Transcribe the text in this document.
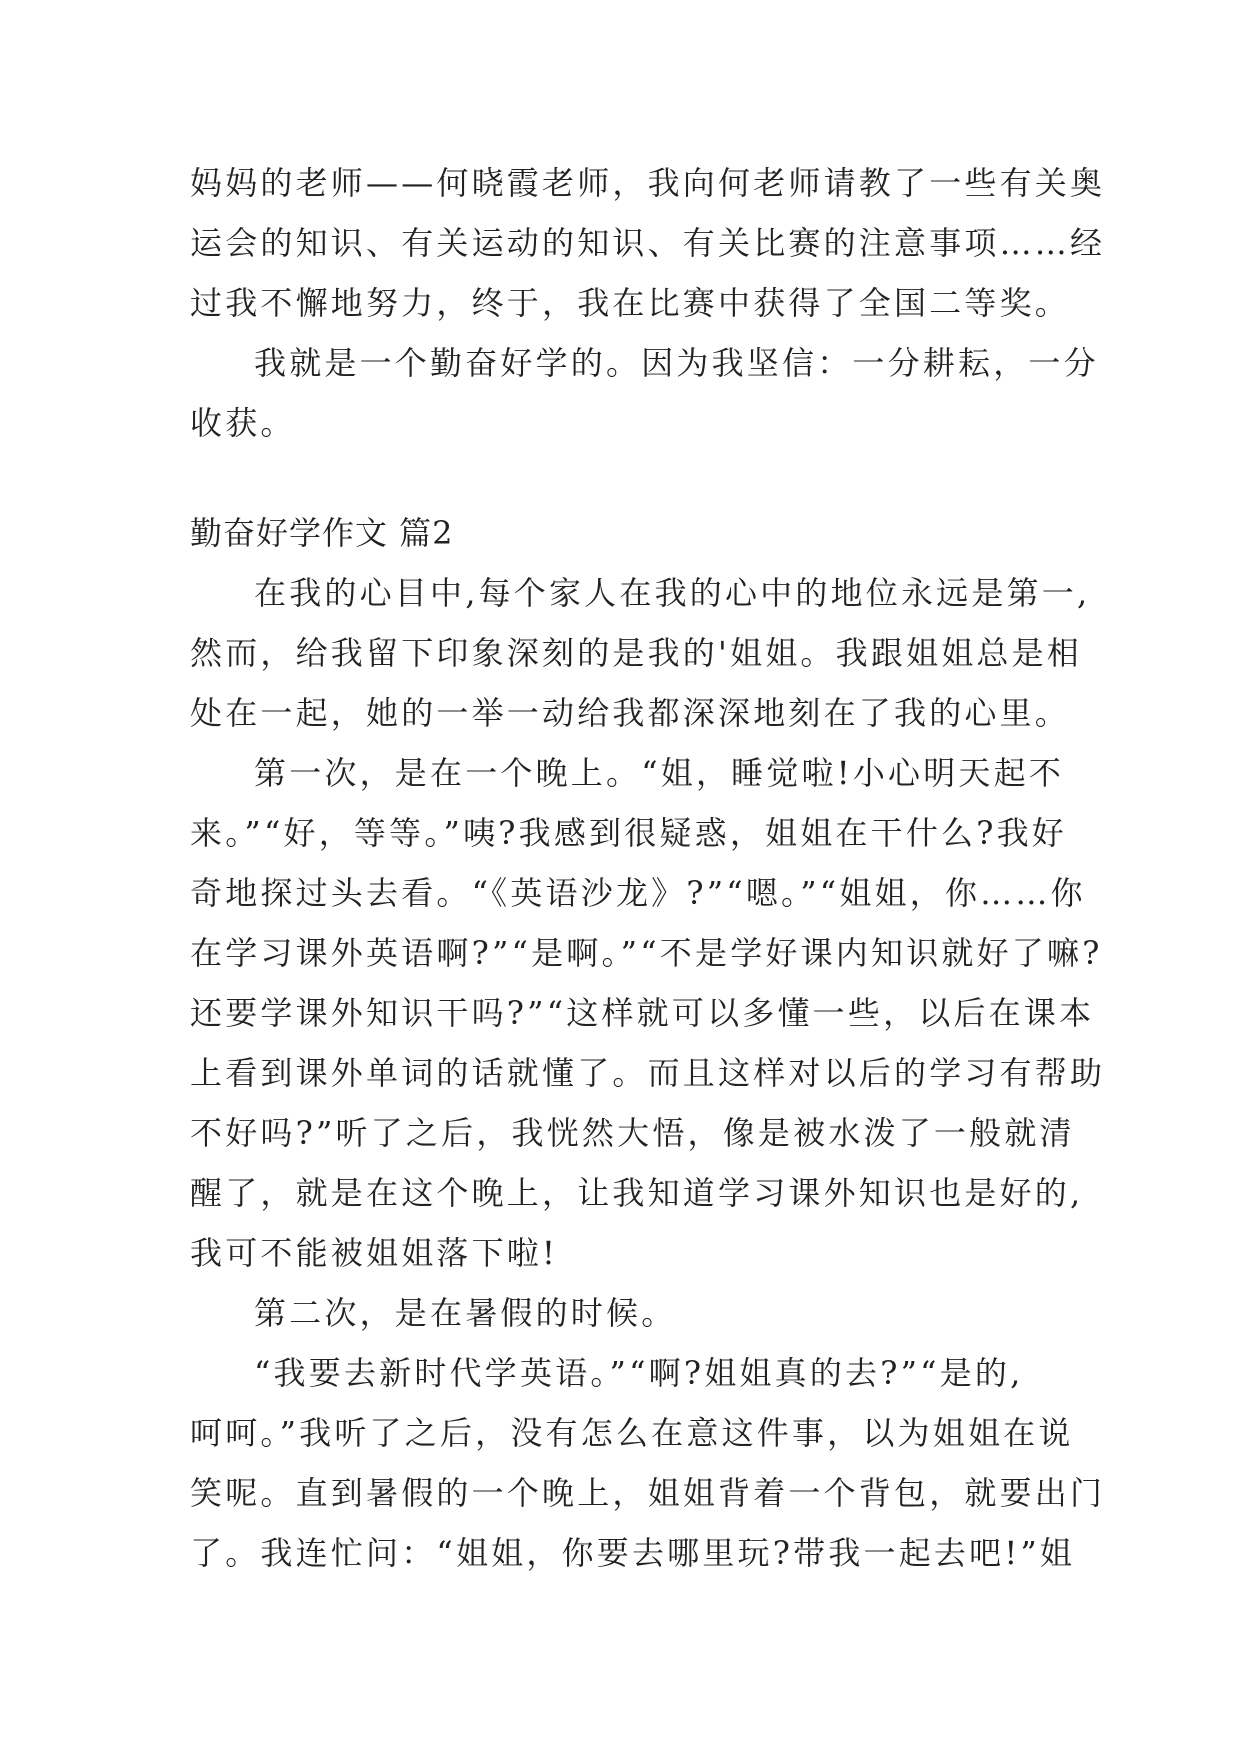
妈妈的老师——何晓霞老师，我向何老师请教了一些有关奥
运会的知识、有关运动的知识、有关比赛的注意事项……经
过我不懈地努力，终于，我在比赛中获得了全国二等奖。
我就是一个勤奋好学的。因为我坚信：一分耕耘，一分
收获。
勤奋好学作文 篇2
在我的心目中,每个家人在我的心中的地位永远是第一,
然而，给我留下印象深刻的是我的'姐姐。我跟姐姐总是相
处在一起，她的一举一动给我都深深地刻在了我的心里。
第一次，是在一个晚上。“姐，睡觉啦!小心明天起不
来。”“好，等等。”咦?我感到很疑惑，姐姐在干什么?我好
奇地探过头去看。“《英语沙龙》?”“嗯。”“姐姐，你……你
在学习课外英语啊?”“是啊。”“不是学好课内知识就好了嘛?
还要学课外知识干吗?”“这样就可以多懂一些，以后在课本
上看到课外单词的话就懂了。而且这样对以后的学习有帮助
不好吗?”听了之后，我恍然大悟，像是被水泼了一般就清
醒了，就是在这个晚上，让我知道学习课外知识也是好的,
我可不能被姐姐落下啦!
第二次，是在暑假的时候。
“我要去新时代学英语。”“啊?姐姐真的去?”“是的,
呵呵。”我听了之后，没有怎么在意这件事，以为姐姐在说
笑呢。直到暑假的一个晚上，姐姐背着一个背包，就要出门
了。我连忙问：“姐姐，你要去哪里玩?带我一起去吧!”姐
